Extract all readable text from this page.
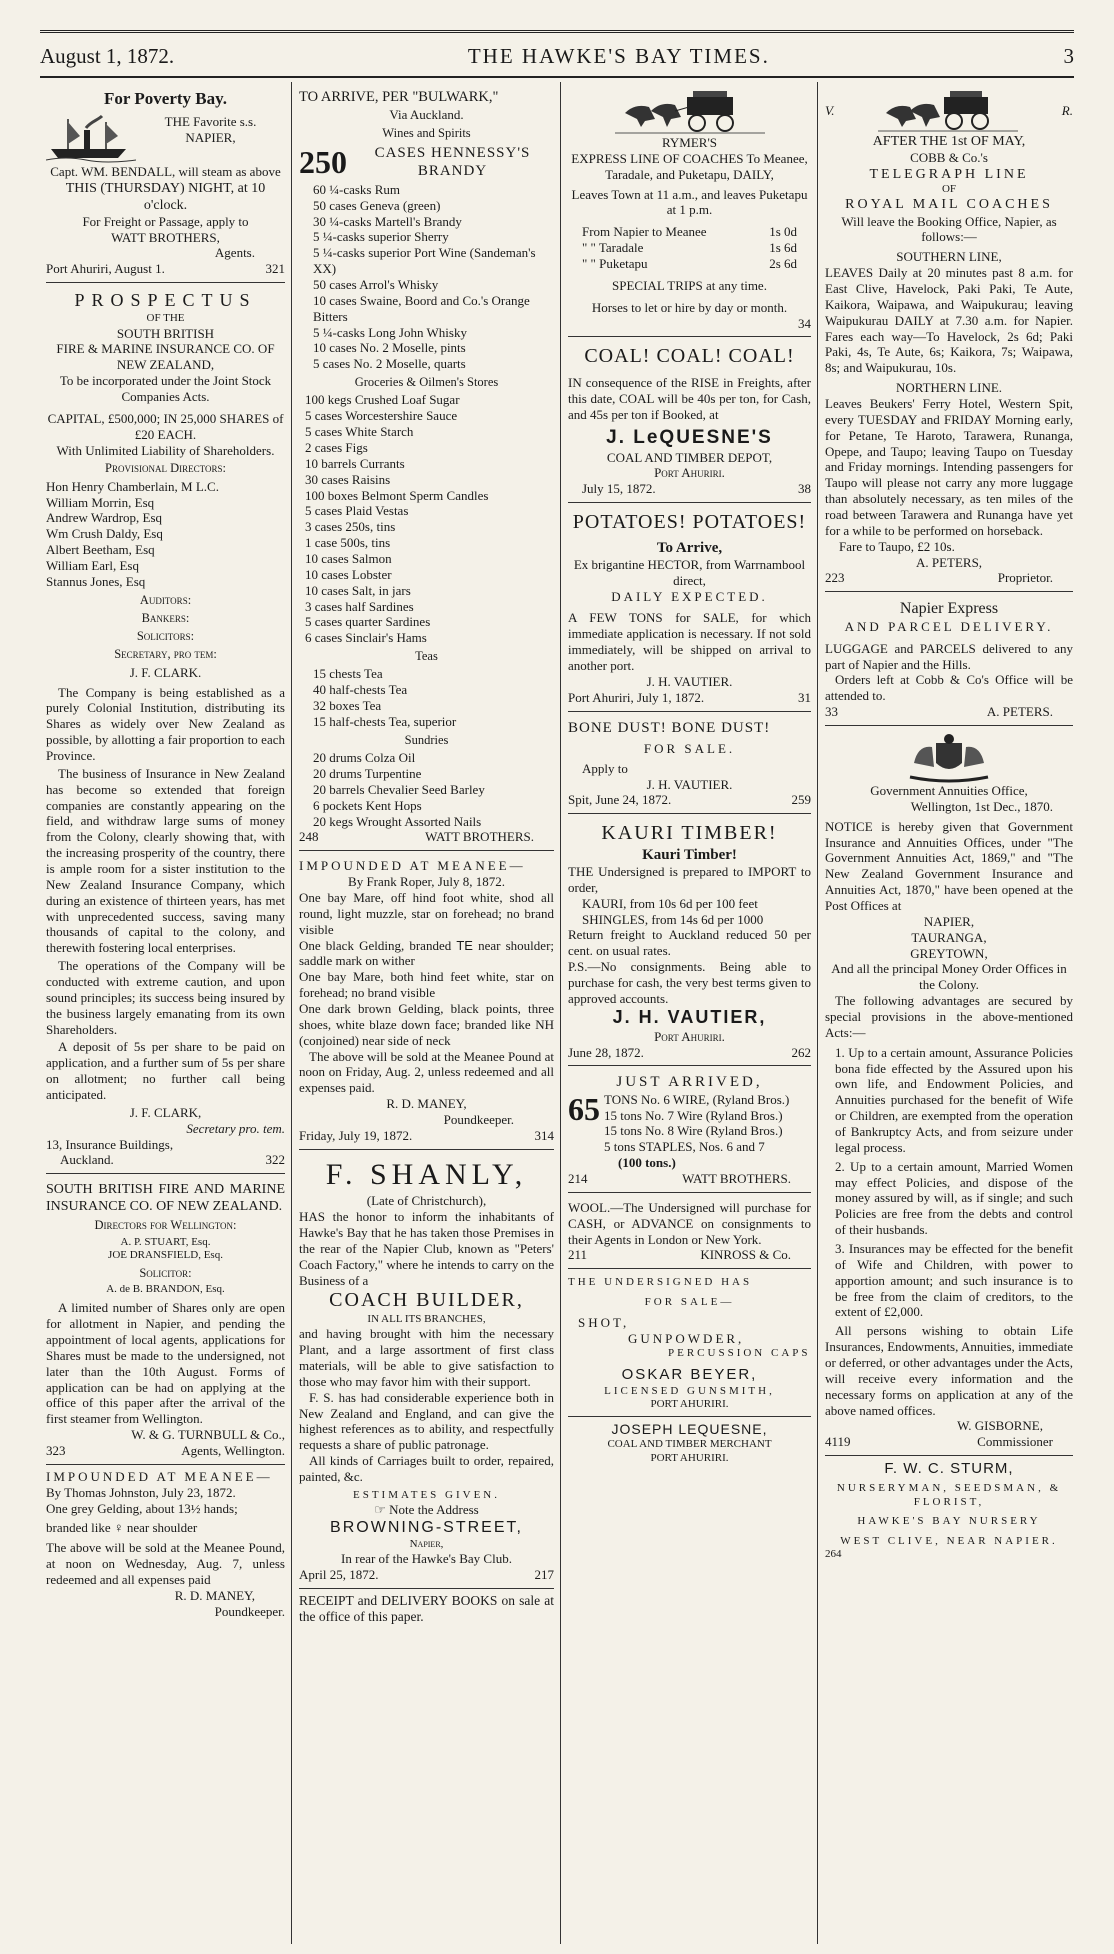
August 1, 1872.	THE HAWKE'S BAY TIMES.	3
For Poverty Bay.
THE Favorite s.s.
NAPIER,
Capt. WM. BENDALL, will steam as above
THIS (THURSDAY) NIGHT, at 10 o'clock.
For Freight or Passage, apply to
WATT BROTHERS,
Agents.
Port Ahuriri, August 1.	321
PROSPECTUS
OF THE
SOUTH BRITISH
FIRE & MARINE INSURANCE CO. OF NEW ZEALAND,
To be incorporated under the Joint Stock Companies Acts.
CAPITAL, £500,000; IN 25,000 SHARES of £20 EACH.
With Unlimited Liability of Shareholders.
Provisional Directors:
Hon Henry Chamberlain, M L.C.
William Morrin, Esq
Andrew Wardrop, Esq
Wm Crush Daldy, Esq
Albert Beetham, Esq
William Earl, Esq
Stannus Jones, Esq
Auditors:
Bankers:
Solicitors:
Secretary, pro tem:
J. F. CLARK.
The Company is being established as a purely Colonial Institution, distributing its Shares as widely over New Zealand as possible, by allotting a fair proportion to each Province.
The business of Insurance in New Zealand has become so extended that foreign companies are constantly appearing on the field, and withdraw large sums of money from the Colony, clearly showing that, with the increasing prosperity of the country, there is ample room for a sister institution to the New Zealand Insurance Company, which during an existence of thirteen years, has met with unprecedented success, saving many thousands of capital to the colony, and therewith fostering local enterprises.
The operations of the Company will be conducted with extreme caution, and upon sound principles; its success being insured by the business largely emanating from its own Shareholders.
A deposit of 5s per share to be paid on application, and a further sum of 5s per share on allotment; no further call being anticipated.
J. F. CLARK,
Secretary pro. tem.
13, Insurance Buildings,
Auckland.	322
SOUTH BRITISH FIRE AND MARINE INSURANCE CO. OF NEW ZEALAND.
Directors for Wellington:
A. P. STUART, Esq.
JOE DRANSFIELD, Esq.
Solicitor:
A. de B. BRANDON, Esq.
A limited number of Shares only are open for allotment in Napier, and pending the appointment of local agents, applications for Shares must be made to the undersigned, not later than the 10th August. Forms of application can be had on applying at the office of this paper after the arrival of the first steamer from Wellington.
W. & G. TURNBULL & Co.,
323	Agents, Wellington.
IMPOUNDED AT MEANEE—
By Thomas Johnston, July 23, 1872.
One grey Gelding, about 13½ hands;
branded like ♀ near shoulder
The above will be sold at the Meanee Pound, at noon on Wednesday, Aug. 7, unless redeemed and all expenses paid
R. D. MANEY,
Poundkeeper.
TO ARRIVE, PER "BULWARK,"
Via Auckland.
Wines and Spirits
250	CASES HENNESSY'S BRANDY
60 ¼-casks Rum
50 cases Geneva (green)
30 ¼-casks Martell's Brandy
5 ¼-casks superior Sherry
5 ¼-casks superior Port Wine (Sandeman's XX)
50 cases Arrol's Whisky
10 cases Swaine, Boord and Co.'s Orange Bitters
5 ¼-casks Long John Whisky
10 cases No. 2 Moselle, pints
5 cases No. 2 Moselle, quarts
Groceries & Oilmen's Stores
100 kegs Crushed Loaf Sugar
5 cases Worcestershire Sauce
5 cases White Starch
2 cases Figs
10 barrels Currants
30 cases Raisins
100 boxes Belmont Sperm Candles
5 cases Plaid Vestas
3 cases 250s, tins
1 case 500s, tins
10 cases Salmon
10 cases Lobster
10 cases Salt, in jars
3 cases half Sardines
5 cases quarter Sardines
6 cases Sinclair's Hams
Teas
15 chests Tea
40 half-chests Tea
32 boxes Tea
15 half-chests Tea, superior
Sundries
20 drums Colza Oil
20 drums Turpentine
20 barrels Chevalier Seed Barley
6 pockets Kent Hops
20 kegs Wrought Assorted Nails
248	WATT BROTHERS.
IMPOUNDED AT MEANEE—
By Frank Roper, July 8, 1872.
One bay Mare, off hind foot white, shod all round, light muzzle, star on forehead; no brand visible
One black Gelding, branded TE near shoulder; saddle mark on wither
One bay Mare, both hind feet white, star on forehead; no brand visible
One dark brown Gelding, black points, three shoes, white blaze down face; branded like NH (conjoined) near side of neck
The above will be sold at the Meanee Pound at noon on Friday, Aug. 2, unless redeemed and all expenses paid.
R. D. MANEY,
Poundkeeper.
Friday, July 19, 1872.	314
F. SHANLY,
(Late of Christchurch),
HAS the honor to inform the inhabitants of Hawke's Bay that he has taken those Premises in the rear of the Napier Club, known as "Peters' Coach Factory," where he intends to carry on the Business of a
COACH BUILDER,
IN ALL ITS BRANCHES,
and having brought with him the necessary Plant, and a large assortment of first class materials, will be able to give satisfaction to those who may favor him with their support.
F. S. has had considerable experience both in New Zealand and England, and can give the highest references as to ability, and respectfully requests a share of public patronage.
All kinds of Carriages built to order, repaired, painted, &c.
ESTIMATES GIVEN.
☞ Note the Address
BROWNING-STREET,
Napier,
In rear of the Hawke's Bay Club.
April 25, 1872.	217
RECEIPT and DELIVERY BOOKS on sale at the office of this paper.
RYMER'S
EXPRESS LINE OF COACHES To Meanee, Taradale, and Puketapu, DAILY,
Leaves Town at 11 a.m., and leaves Puketapu at 1 p.m.
From Napier to Meanee	1s 0d
" " Taradale	1s 6d
" " Puketapu	2s 6d
SPECIAL TRIPS at any time.
Horses to let or hire by day or month.
34
COAL! COAL! COAL!
IN consequence of the RISE in Freights, after this date, COAL will be 40s per ton, for Cash, and 45s per ton if Booked, at
J. LeQUESNE'S
COAL AND TIMBER DEPOT,
Port Ahuriri.
July 15, 1872.	38
POTATOES! POTATOES!
To Arrive,
Ex brigantine HECTOR, from Warrnambool direct,
DAILY EXPECTED.
A FEW TONS for SALE, for which immediate application is necessary. If not sold immediately, will be shipped on arrival to another port.
J. H. VAUTIER.
Port Ahuriri, July 1, 1872.	31
BONE DUST! BONE DUST!
FOR SALE.
Apply to
J. H. VAUTIER.
Spit, June 24, 1872.	259
KAURI TIMBER!
Kauri Timber!
THE Undersigned is prepared to IMPORT to order,
KAURI, from 10s 6d per 100 feet
SHINGLES, from 14s 6d per 1000
Return freight to Auckland reduced 50 per cent. on usual rates.
P.S.—No consignments. Being able to purchase for cash, the very best terms given to approved accounts.
J. H. VAUTIER,
Port Ahuriri.
June 28, 1872.	262
JUST ARRIVED,
65 TONS No. 6 WIRE, (Ryland Bros.)
15 tons No. 7 Wire (Ryland Bros.)
15 tons No. 8 Wire (Ryland Bros.)
5 tons STAPLES, Nos. 6 and 7
(100 tons.)
214	WATT BROTHERS.
WOOL.—The Undersigned will purchase for CASH, or ADVANCE on consignments to their Agents in London or New York.
211	KINROSS & Co.
THE UNDERSIGNED HAS
FOR SALE—
SHOT,
GUNPOWDER,
PERCUSSION CAPS
OSKAR BEYER,
LICENSED GUNSMITH,
PORT AHURIRI.
JOSEPH LEQUESNE,
COAL AND TIMBER MERCHANT
PORT AHURIRI.
V.	R.
AFTER THE 1st OF MAY,
COBB & Co.'s
TELEGRAPH LINE
OF
ROYAL MAIL COACHES
Will leave the Booking Office, Napier, as follows:—
SOUTHERN LINE,
LEAVES Daily at 20 minutes past 8 a.m. for East Clive, Havelock, Paki Paki, Te Aute, Kaikora, Waipawa, and Waipukurau; leaving Waipukurau DAILY at 7.30 a.m. for Napier. Fares each way—To Havelock, 2s 6d; Paki Paki, 4s, Te Aute, 6s; Kaikora, 7s; Waipawa, 8s; and Waipukurau, 10s.
NORTHERN LINE.
Leaves Beukers' Ferry Hotel, Western Spit, every TUESDAY and FRIDAY Morning early, for Petane, Te Haroto, Tarawera, Runanga, Opepe, and Taupo; leaving Taupo on Tuesday and Friday mornings. Intending passengers for Taupo will please not carry any more luggage than absolutely necessary, as ten miles of the road between Tarawera and Runanga have yet for a while to be performed on horseback.
Fare to Taupo, £2 10s.
A. PETERS,
223	Proprietor.
Napier Express
AND PARCEL DELIVERY.
LUGGAGE and PARCELS delivered to any part of Napier and the Hills.
Orders left at Cobb & Co's Office will be attended to.
33	A. PETERS.
Government Annuities Office,
Wellington, 1st Dec., 1870.
NOTICE is hereby given that Government Insurance and Annuities Offices, under "The Government Annuities Act, 1869," and "The New Zealand Government Insurance and Annuities Act, 1870," have been opened at the Post Offices at
NAPIER,
TAURANGA,
GREYTOWN,
And all the principal Money Order Offices in the Colony.
The following advantages are secured by special provisions in the above-mentioned Acts:—
1. Up to a certain amount, Assurance Policies bona fide effected by the Assured upon his own life, and Endowment Policies, and Annuities purchased for the benefit of Wife or Children, are exempted from the operation of Bankruptcy Acts, and from seizure under legal process.
2. Up to a certain amount, Married Women may effect Policies, and dispose of the money assured by will, as if single; and such Policies are free from the debts and control of their husbands.
3. Insurances may be effected for the benefit of Wife and Children, with power to apportion amount; and such insurance is to be free from the claim of creditors, to the extent of £2,000.
All persons wishing to obtain Life Insurances, Endowments, Annuities, immediate or deferred, or other advantages under the Acts, will receive every information and the necessary forms on application at any of the above named offices.
W. GISBORNE,
4119	Commissioner
F. W. C. STURM,
NURSERYMAN, SEEDSMAN, & FLORIST,
HAWKE'S BAY NURSERY
WEST CLIVE, NEAR NAPIER.
264
